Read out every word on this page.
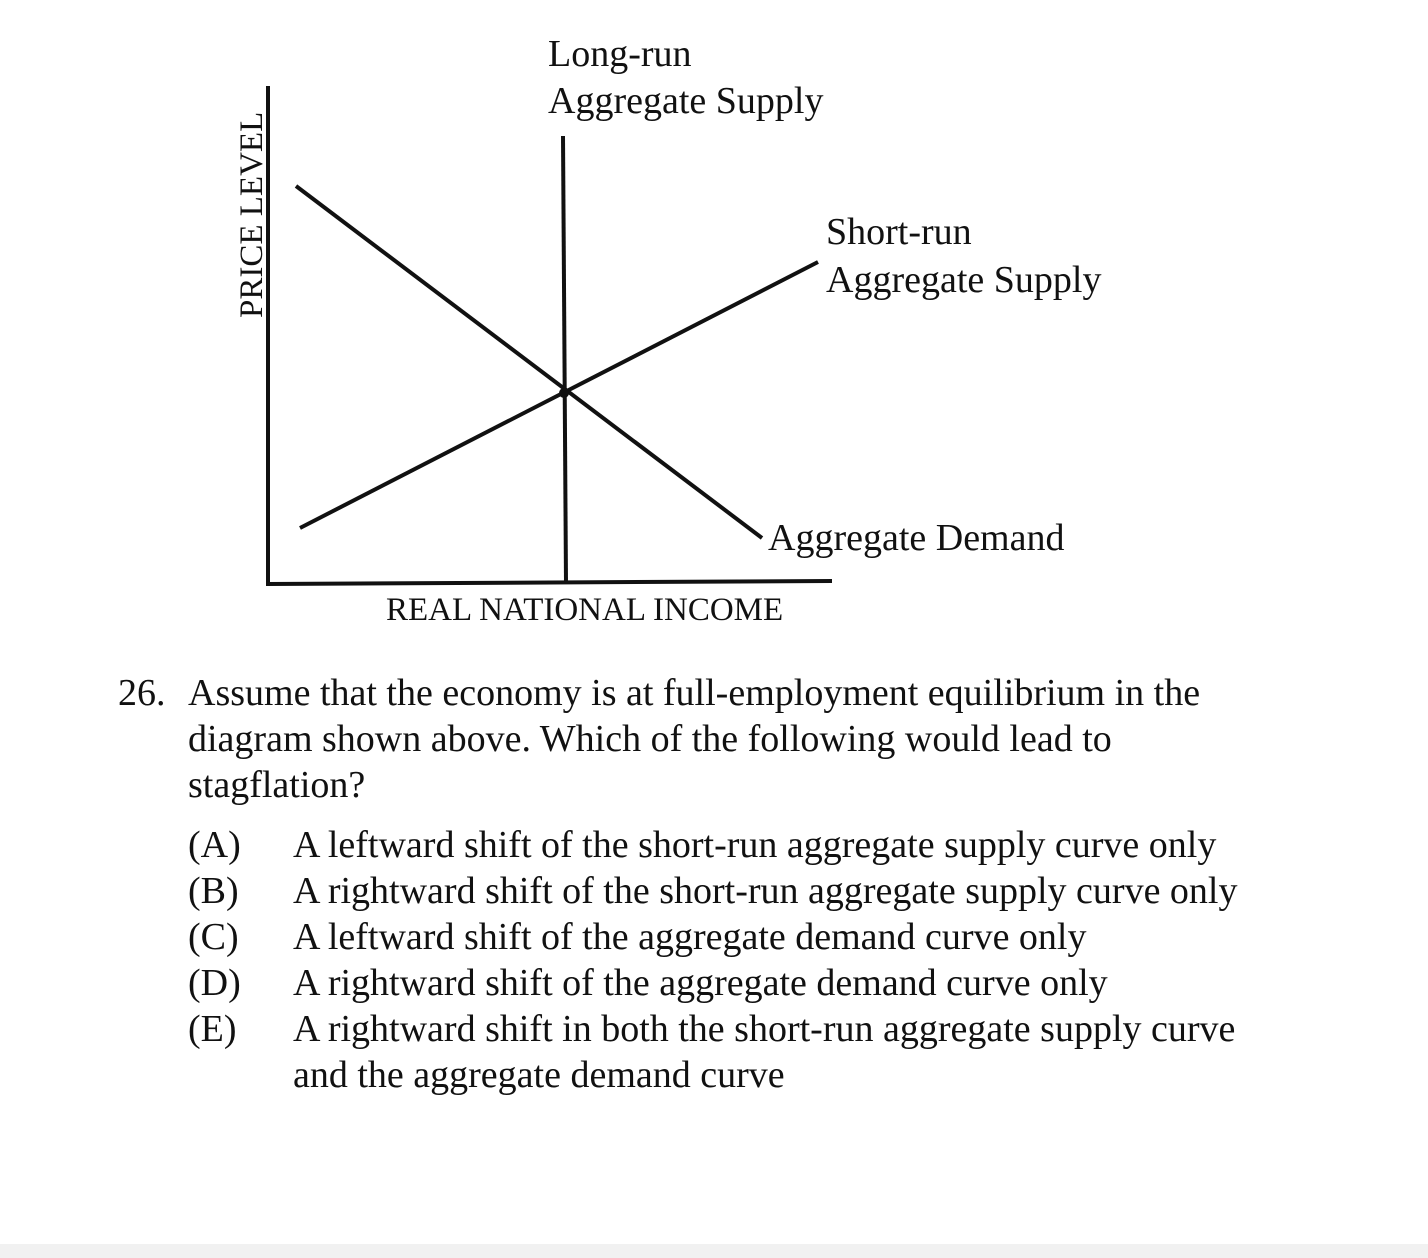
Long-run
Aggregate Supply
Short-run
Aggregate Supply
Aggregate Demand
REAL NATIONAL INCOME
PRICE LEVEL
26. Assume that the economy is at full-employment equilibrium in the diagram shown above. Which of the following would lead to stagflation?
(A) A leftward shift of the short-run aggregate supply curve only
(B) A rightward shift of the short-run aggregate supply curve only
(C) A leftward shift of the aggregate demand curve only
(D) A rightward shift of the aggregate demand curve only
(E) A rightward shift in both the short-run aggregate supply curve and the aggregate demand curve
